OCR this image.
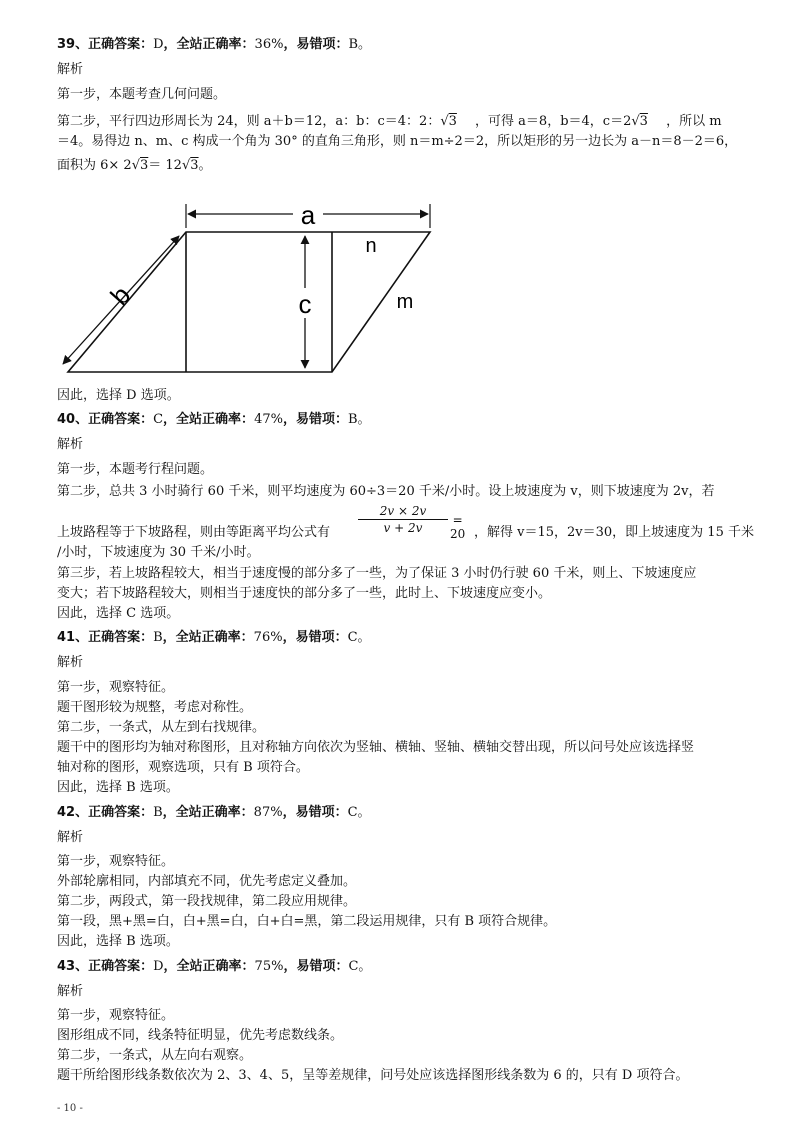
39、正确答案：D，全站正确率：36%，易错项：B。
解析
第一步，本题考查几何问题。
第二步，平行四边形周长为 24，则 a＋b＝12，a：b：c＝4：2：√3 ，可得 a＝8，b＝4，c＝2√3 ，所以 m
＝4。易得边 n、m、c 构成一个角为 30° 的直角三角形，则 n＝m÷2＝2，所以矩形的另一边长为 a－n＝8－2＝6，
面积为 6× 2√3＝ 12√3。
a
c
b
n
m
因此，选择 D 选项。
40、正确答案：C，全站正确率：47%，易错项：B。
解析
第一步，本题考行程问题。
第二步，总共 3 小时骑行 60 千米，则平均速度为 60÷3＝20 千米/小时。设上坡速度为 v，则下坡速度为 2v，若
上坡路程等于下坡路程，则由等距离平均公式有
2v × 2v
v + 2v
= 20 ，解得 v＝15，2v＝30，即上坡速度为 15 千米
/小时，下坡速度为 30 千米/小时。
第三步，若上坡路程较大，相当于速度慢的部分多了一些，为了保证 3 小时仍行驶 60 千米，则上、下坡速度应
变大；若下坡路程较大，则相当于速度快的部分多了一些，此时上、下坡速度应变小。
因此，选择 C 选项。
41、正确答案：B，全站正确率：76%，易错项：C。
解析
第一步，观察特征。
题干图形较为规整，考虑对称性。
第二步，一条式，从左到右找规律。
题干中的图形均为轴对称图形，且对称轴方向依次为竖轴、横轴、竖轴、横轴交替出现，所以问号处应该选择竖
轴对称的图形，观察选项，只有 B 项符合。
因此，选择 B 选项。
42、正确答案：B，全站正确率：87%，易错项：C。
解析
第一步，观察特征。
外部轮廓相同，内部填充不同，优先考虑定义叠加。
第二步，两段式，第一段找规律，第二段应用规律。
第一段，黑+黑=白，白+黑=白，白+白=黑，第二段运用规律，只有 B 项符合规律。
因此，选择 B 选项。
43、正确答案：D，全站正确率：75%，易错项：C。
解析
第一步，观察特征。
图形组成不同，线条特征明显，优先考虑数线条。
第二步，一条式，从左向右观察。
题干所给图形线条数依次为 2、3、4、5，呈等差规律，问号处应该选择图形线条数为 6 的，只有 D 项符合。
- 10 -
